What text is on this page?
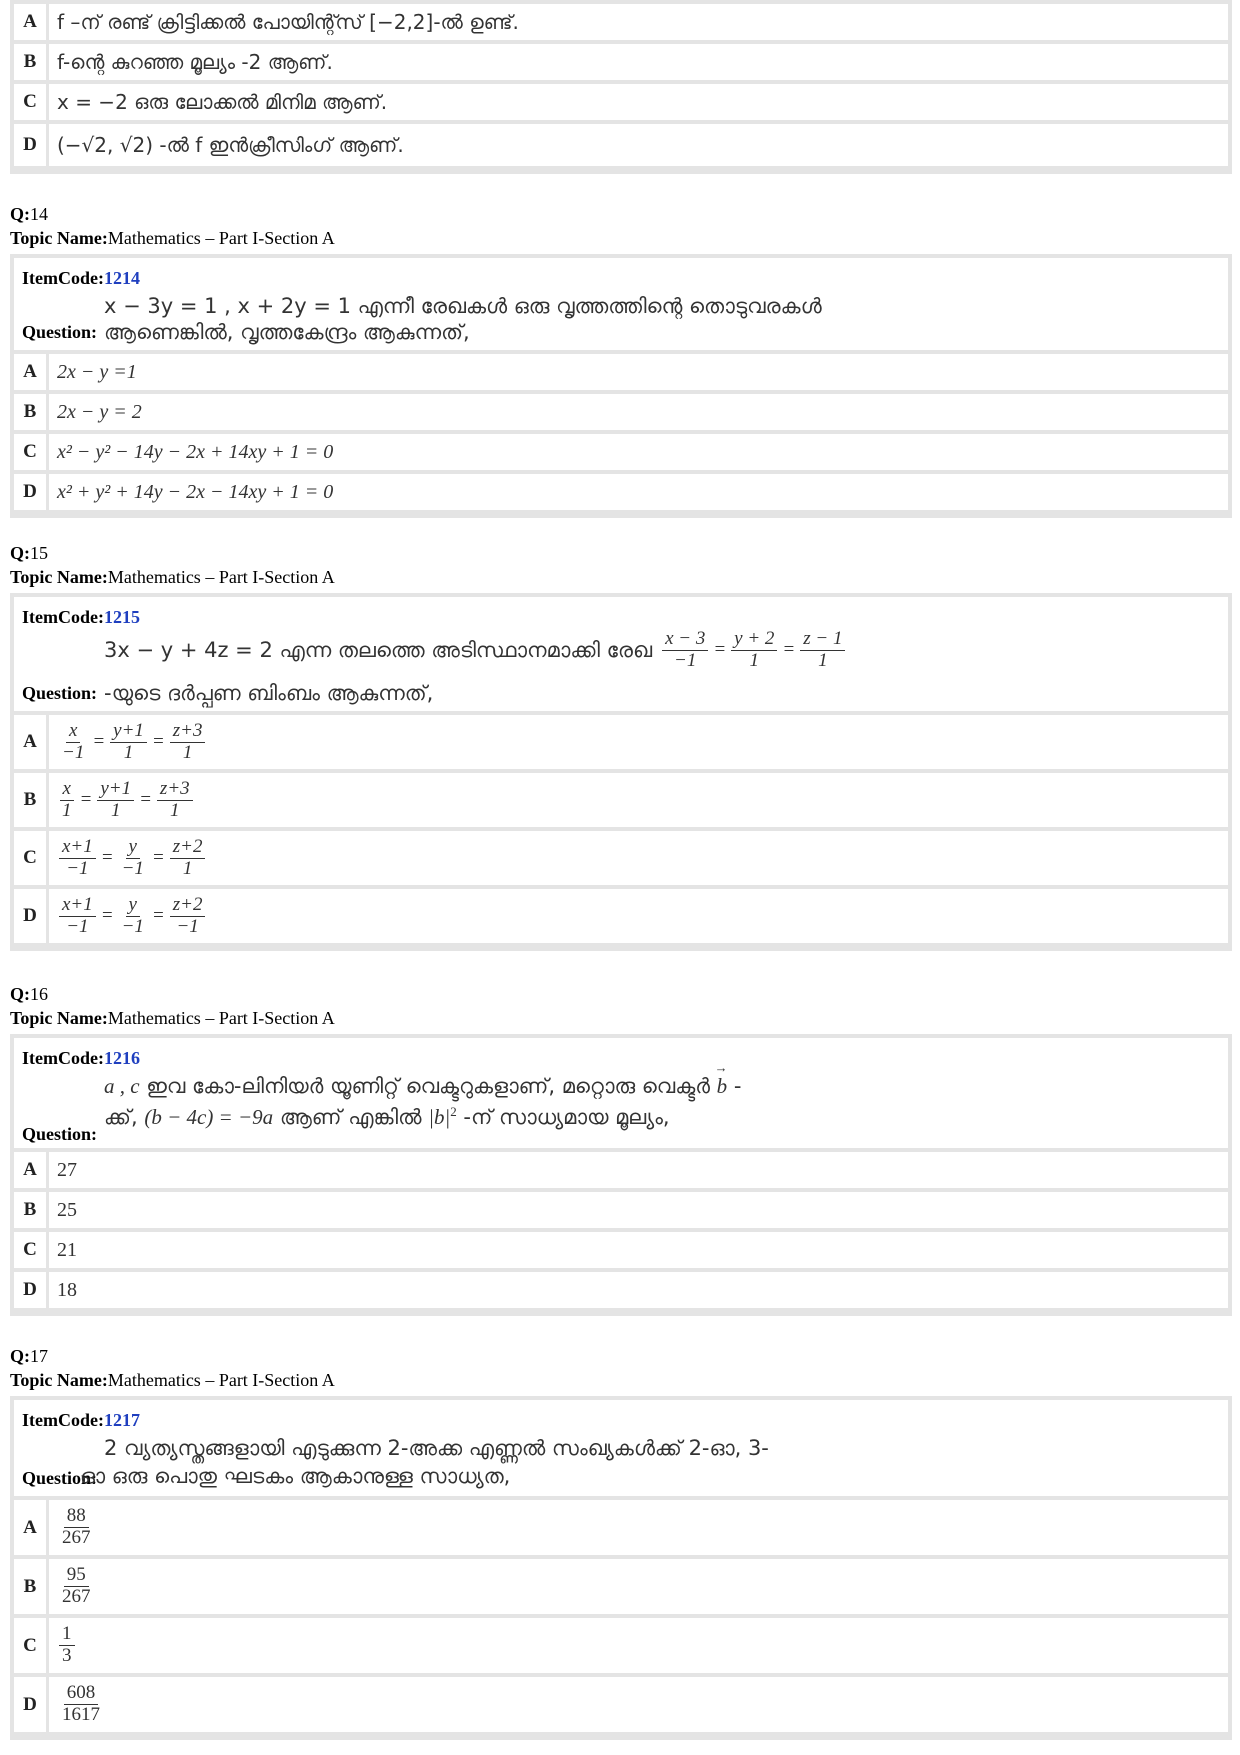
A	f –ന് രണ്ട് ക്രിട്ടിക്കൽ പോയിന്റ്സ് [−2,2]-ൽ ഉണ്ട്.
B	f-ന്റെ കുറഞ്ഞ മൂല്യം -2 ആണ്.
C	x = −2 ഒരു ലോക്കൽ മിനിമ ആണ്.
D	(−√2, √2) -ൽ f ഇൻക്രീസിംഗ് ആണ്.
Q:14
Topic Name:Mathematics – Part I-Section A
ItemCode:1214
x − 3y = 1 , x + 2y = 1 എന്നീ രേഖകൾ ഒരു വൃത്തത്തിന്റെ തൊടുവരകൾ
Question: ആണെങ്കിൽ, വൃത്തകേന്ദ്രം ആകുന്നത്,
A	2x − y =1
B	2x − y = 2
C	x² − y² − 14y − 2x + 14xy + 1 = 0
D	x² + y² + 14y − 2x − 14xy + 1 = 0
Q:15
Topic Name:Mathematics – Part I-Section A
ItemCode:1215
3x − y + 4z = 2 എന്ന തലത്തെ അടിസ്ഥാനമാക്കി രേഖ $\frac{x - 3}{-1} = \frac{y + 2}{1} = \frac{z - 1}{1}$
Question: -യുടെ ദർപ്പണ ബിംബം ആകുന്നത്,
A	$\frac{x}{-1} = \frac{y+1}{1} = \frac{z+3}{1}$
B	$\frac{x}{1} = \frac{y+1}{1} = \frac{z+3}{1}$
C	$\frac{x+1}{-1} = \frac{y}{-1} = \frac{z+2}{1}$
D	$\frac{x+1}{-1} = \frac{y}{-1} = \frac{z+2}{-1}$
Q:16
Topic Name:Mathematics – Part I-Section A
ItemCode:1216
a , c ഇവ കോ-ലിനിയർ യൂണിറ്റ് വെക്ടറുകളാണ്, മറ്റൊരു വെക്ടർ → b -
Question:
ക്ക്, (b − 4c) = −9a ആണ് എങ്കിൽ $|b|^2$ -ന് സാധ്യമായ മൂല്യം,
A	27
B	25
C	21
D	18
Q:17
Topic Name:Mathematics – Part I-Section A
ItemCode:1217
2 വ്യത്യസ്തങ്ങളായി എടുക്കുന്ന 2-അക്ക എണ്ണൽ സംഖ്യകൾക്ക് 2-ഓ, 3-
Question:
ഓ ഒരു പൊതു ഘടകം ആകാനുള്ള സാധ്യത,
A	$\frac{88}{267}$
B	$\frac{95}{267}$
C	$\frac{1}{3}$
D	$\frac{608}{1617}$
